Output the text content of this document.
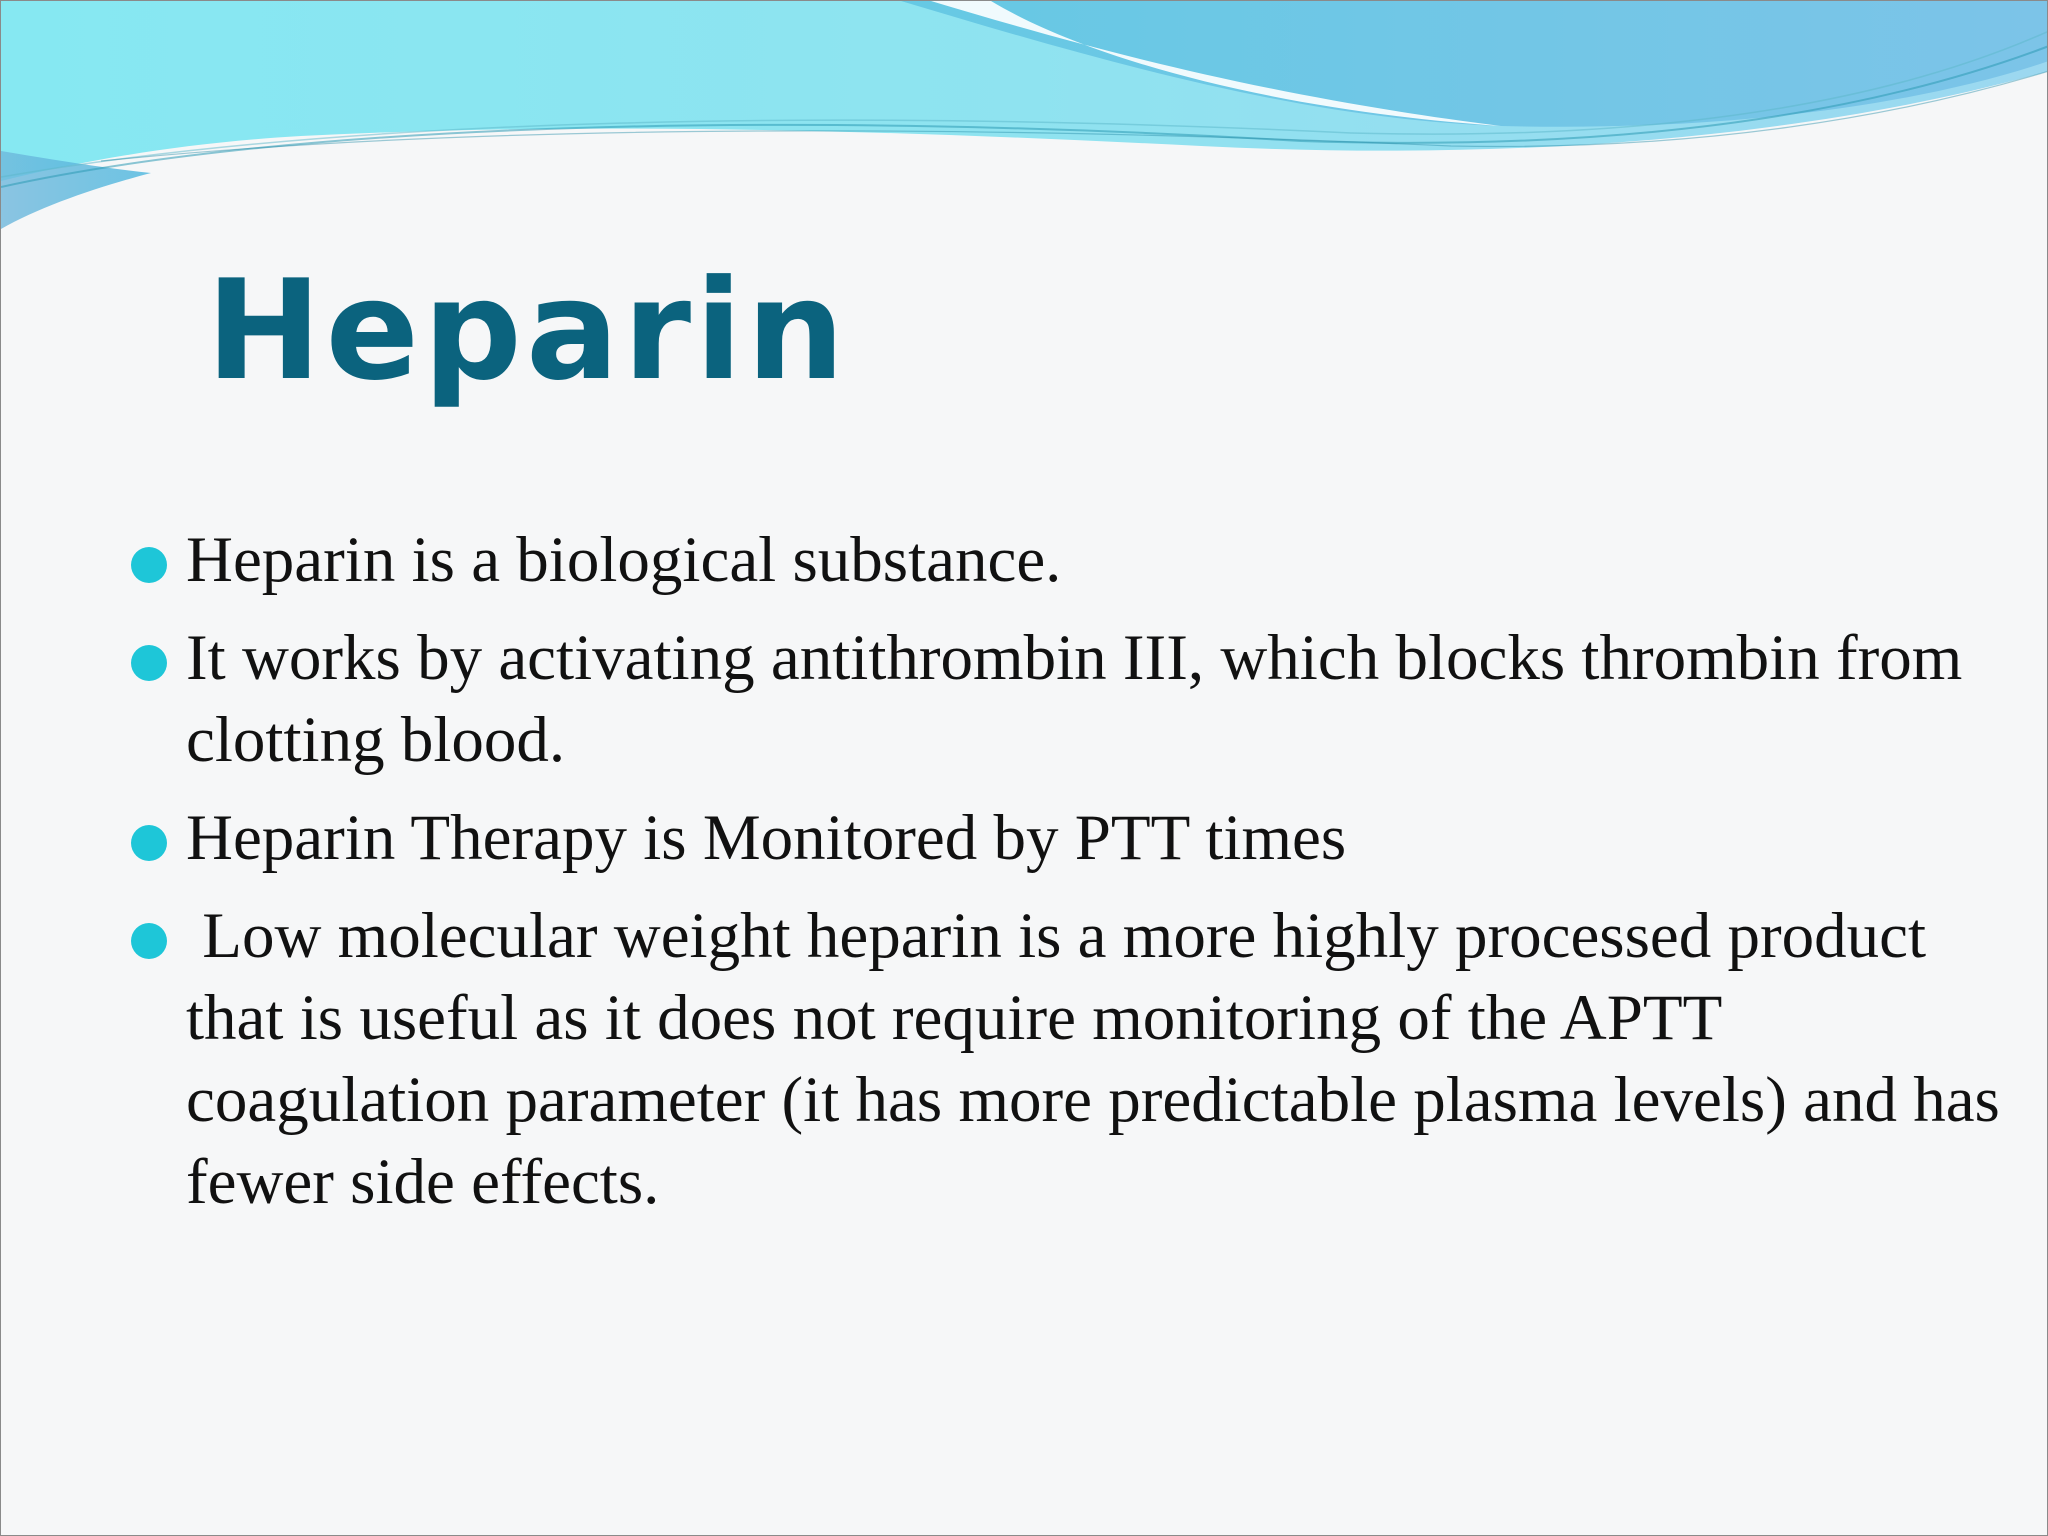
Heparin
Heparin is a biological substance.
It works by activating antithrombin III, which blocks thrombin from clotting blood.
Heparin Therapy is Monitored by PTT times
Low molecular weight heparin is a more highly processed product that is useful as it does not require monitoring of the APTT coagulation parameter (it has more predictable plasma levels) and has fewer side effects.
